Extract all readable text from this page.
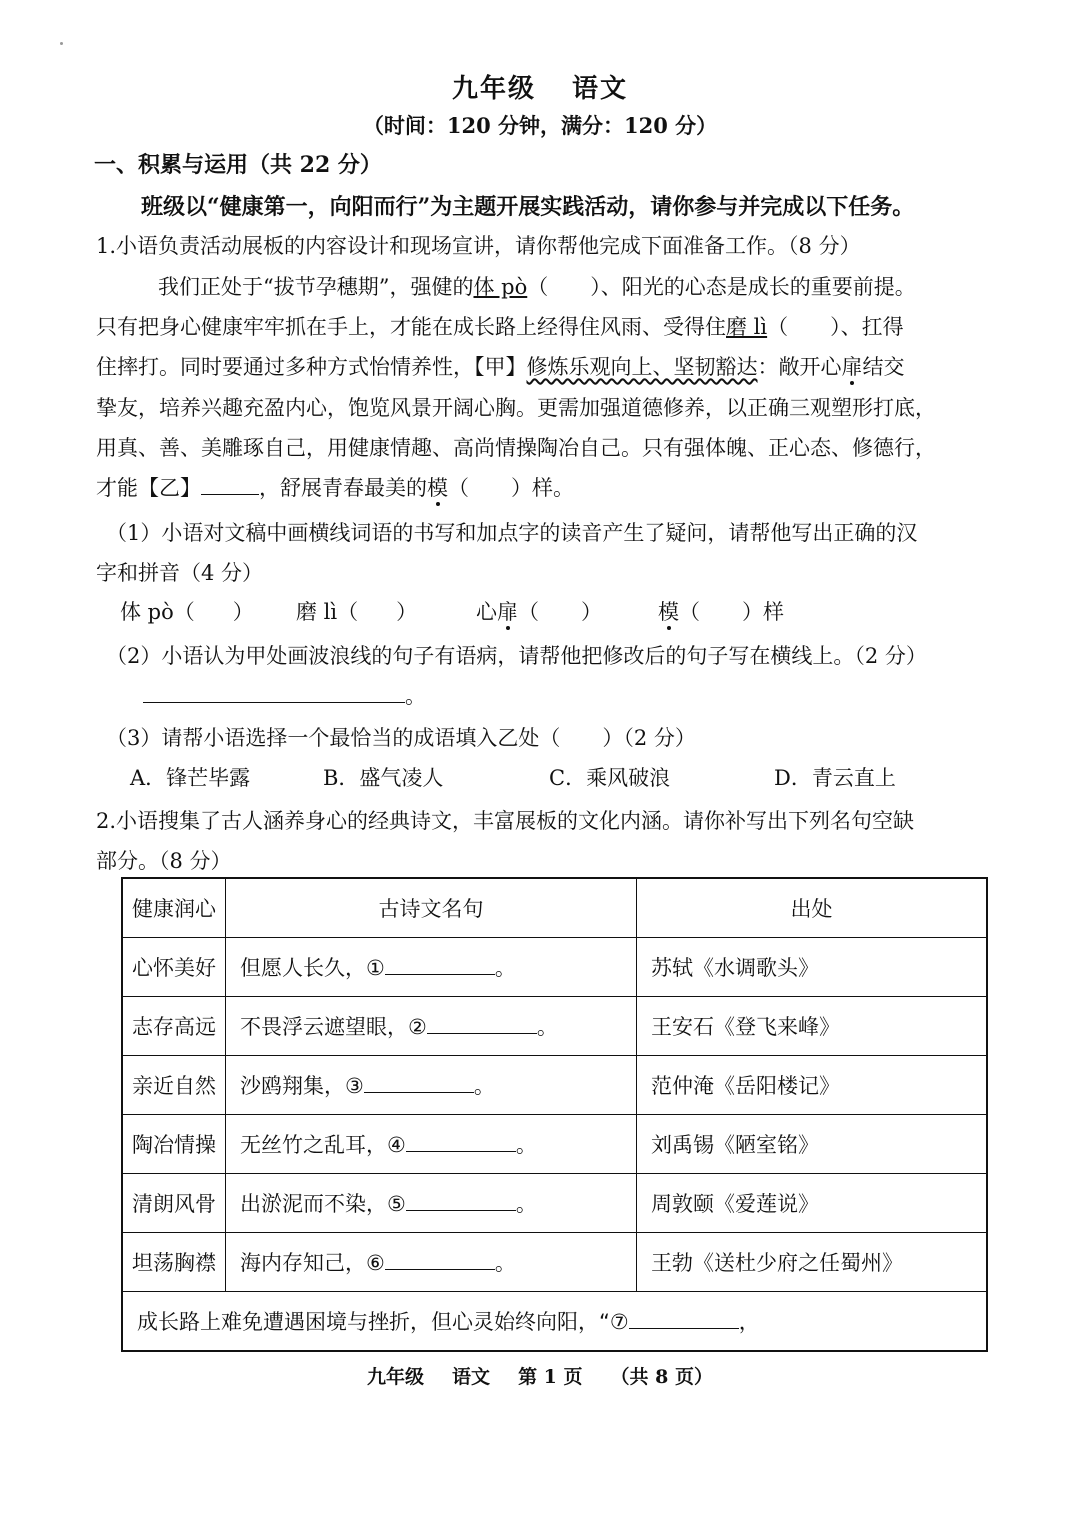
九年级 语文
（时间：120 分钟，满分：120 分）
一、积累与运用（共 22 分）
班级以“健康第一，向阳而行”为主题开展实践活动，请你参与并完成以下任务。
1.小语负责活动展板的内容设计和现场宣讲，请你帮他完成下面准备工作。（8 分）
我们正处于“拔节孕穗期”，强健的体 pò（　　）、阳光的心态是成长的重要前提。
只有把身心健康牢牢抓在手上，才能在成长路上经得住风雨、受得住磨 lì（　　）、扛得
住摔打。同时要通过多种方式怡情养性，【甲】修炼乐观向上、坚韧豁达：敞开心扉结交
挚友，培养兴趣充盈内心，饱览风景开阔心胸。更需加强道德修养，以正确三观塑形打底，
用真、善、美雕琢自己，用健康情趣、高尚情操陶冶自己。只有强体魄、正心态、修德行，
才能【乙】	，舒展青春最美的模（　　）样。
（1）小语对文稿中画横线词语的书写和加点字的读音产生了疑问，请帮他写出正确的汉
字和拼音（4 分）
体 pò（ ） 磨 lì（ ）	心扉（　　）	模（　　）样
（2）小语认为甲处画波浪线的句子有语病，请帮他把修改后的句子写在横线上。（2 分）
。
（3）请帮小语选择一个最恰当的成语填入乙处（　　）（2 分）
A．锋芒毕露	B．盛气凌人	C．乘风破浪	D．青云直上
2.小语搜集了古人涵养身心的经典诗文，丰富展板的文化内涵。请你补写出下列名句空缺
部分。（8 分）
健康润心	古诗文名句	出处
心怀美好	但愿人长久，① 。	苏轼《水调歌头》
志存高远	不畏浮云遮望眼，② 。	王安石《登飞来峰》
亲近自然	沙鸥翔集，③ 。	范仲淹《岳阳楼记》
陶冶情操	无丝竹之乱耳，④ 。	刘禹锡《陋室铭》
清朗风骨	出淤泥而不染，⑤ 。	周敦颐《爱莲说》
坦荡胸襟	海内存知己，⑥ 。	王勃《送杜少府之任蜀州》
成长路上难免遭遇困境与挫折，但心灵始终向阳，“⑦ ，		
九年级 语文 第 1 页 （共 8 页）
